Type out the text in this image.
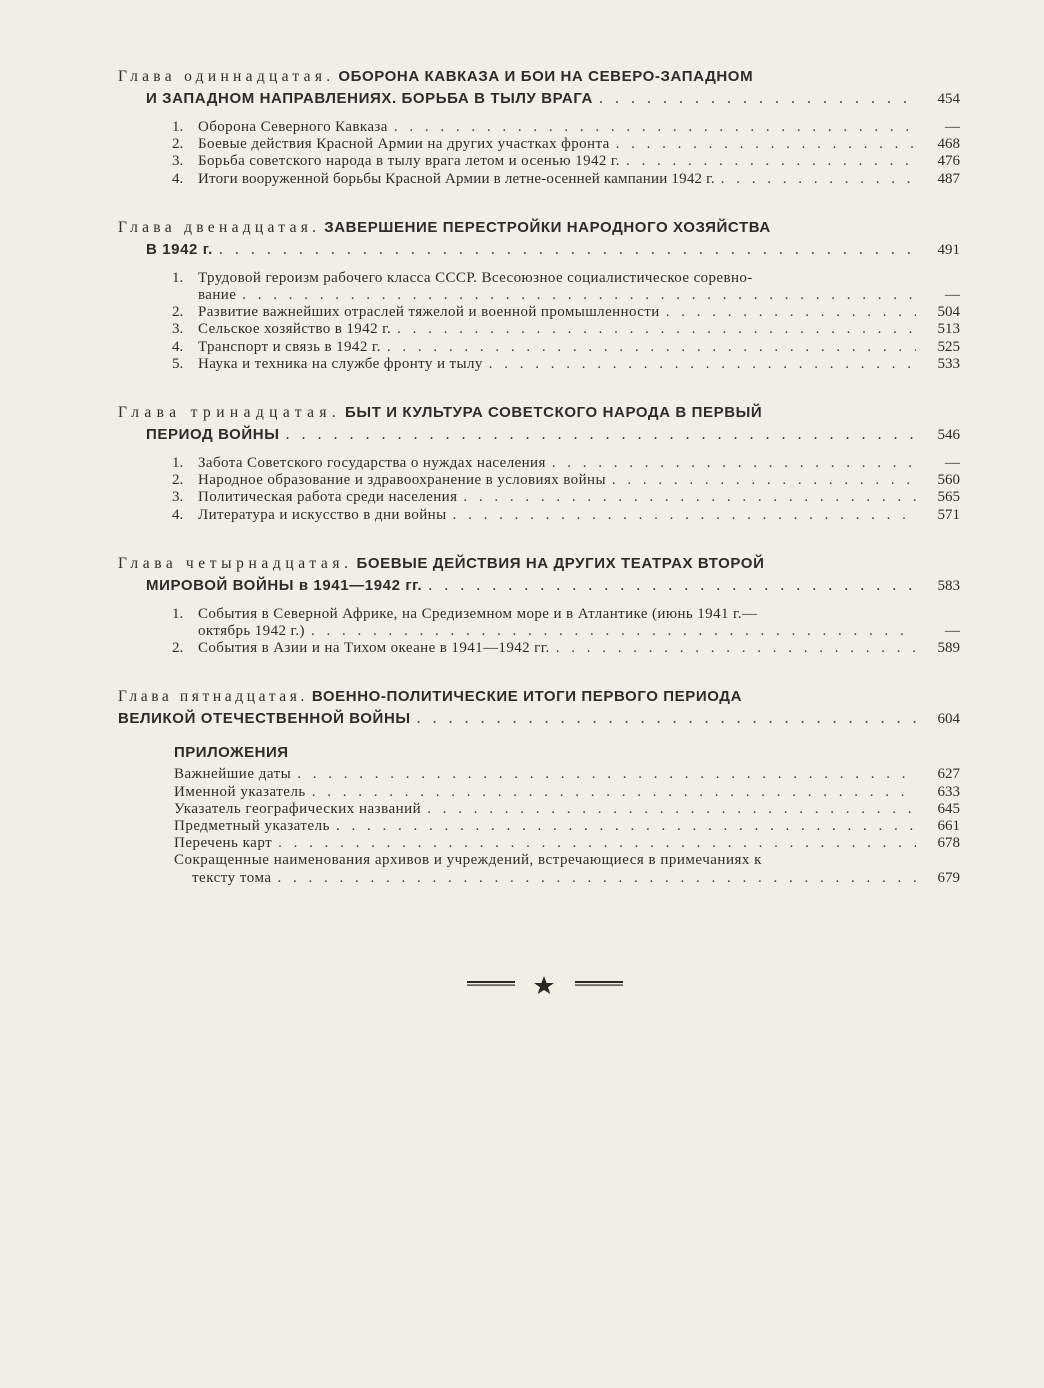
Глава одиннадцатая.
ОБОРОНА КАВКАЗА И БОИ НА СЕВЕРО-ЗАПАДНОМ
И ЗАПАДНОМ НАПРАВЛЕНИЯХ. БОРЬБА В ТЫЛУ ВРАГА . . .	454
1. Оборона Северного Кавказа . . .	—
2. Боевые действия Красной Армии на других участках фронта . . .	468
3. Борьба советского народа в тылу врага летом и осенью 1942 г. . . .	476
4. Итоги вооруженной борьбы Красной Армии в летне-осенней кампании 1942 г. . . .	487
Глава двенадцатая.
ЗАВЕРШЕНИЕ ПЕРЕСТРОЙКИ НАРОДНОГО ХОЗЯЙСТВА
В 1942 г. . . .	491
1. Трудовой героизм рабочего класса СССР. Всесоюзное социалистическое соревно-
вание . . .	—
2. Развитие важнейших отраслей тяжелой и военной промышленности . . .	504
3. Сельское хозяйство в 1942 г. . . .	513
4. Транспорт и связь в 1942 г. . . .	525
5. Наука и техника на службе фронту и тылу . . .	533
Глава тринадцатая.
БЫТ И КУЛЬТУРА СОВЕТСКОГО НАРОДА В ПЕРВЫЙ
ПЕРИОД ВОЙНЫ . . .	546
1. Забота Советского государства о нуждах населения . . .	—
2. Народное образование и здравоохранение в условиях войны . . .	560
3. Политическая работа среди населения . . .	565
4. Литература и искусство в дни войны . . .	571
Глава четырнадцатая.
БОЕВЫЕ ДЕЙСТВИЯ НА ДРУГИХ ТЕАТРАХ ВТОРОЙ
МИРОВОЙ ВОЙНЫ в 1941—1942 гг. . . .	583
1. События в Северной Африке, на Средиземном море и в Атлантике (июнь 1941 г.—
октябрь 1942 г.) . . .	—
2. События в Азии и на Тихом океане в 1941—1942 гг. . . .	589
Глава пятнадцатая.
ВОЕННО-ПОЛИТИЧЕСКИЕ ИТОГИ ПЕРВОГО ПЕРИОДА
ВЕЛИКОЙ ОТЕЧЕСТВЕННОЙ ВОЙНЫ . . .	604
ПРИЛОЖЕНИЯ
Важнейшие даты . . .	627
Именной указатель . . .	633
Указатель географических названий . . .	645
Предметный указатель . . .	661
Перечень карт . . .	678
Сокращенные наименования архивов и учреждений, встречающиеся в примечаниях к
тексту тома . . .	679
